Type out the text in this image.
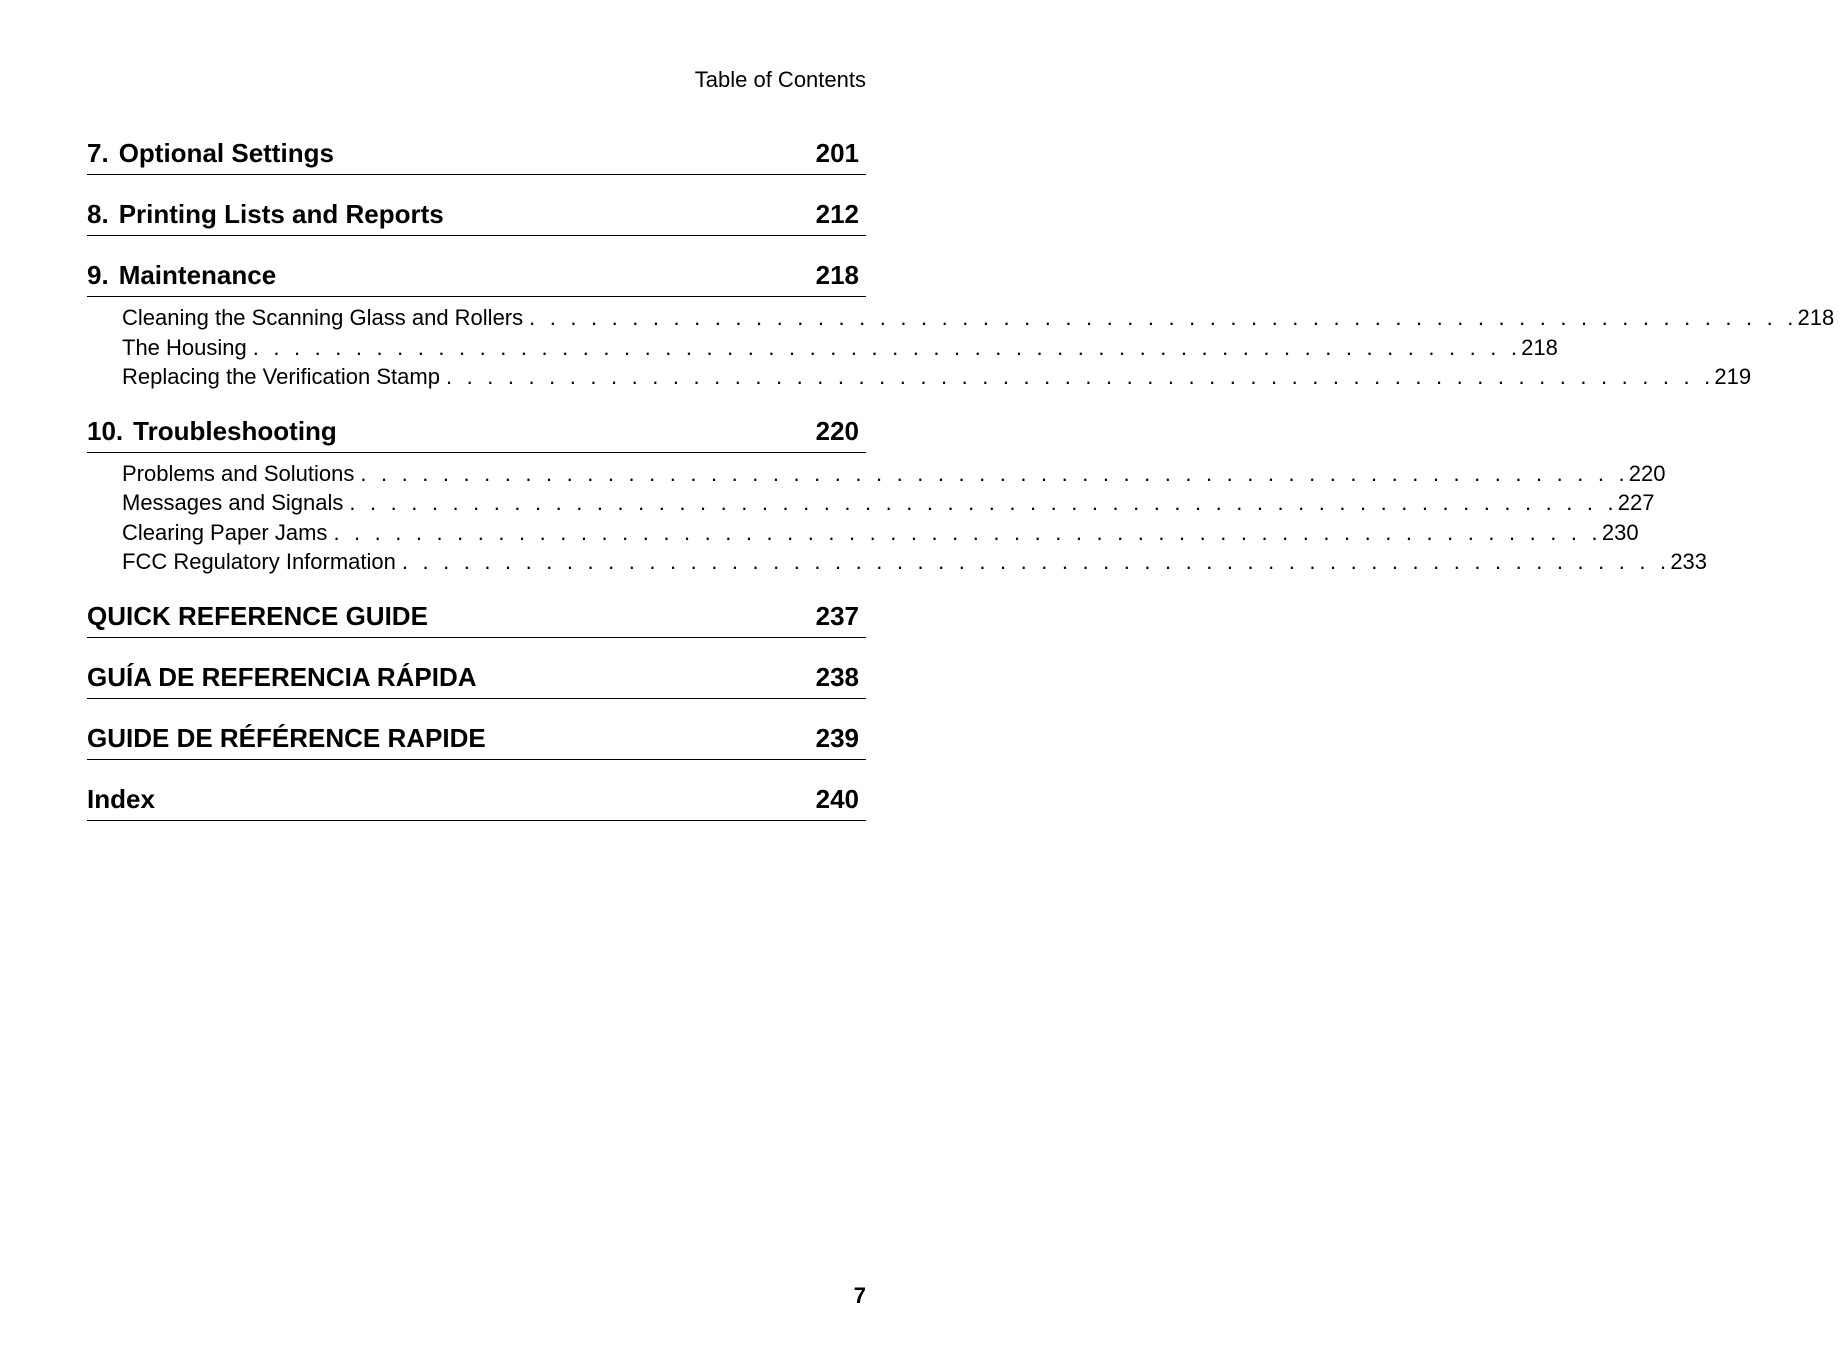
Table of Contents
7. Optional Settings	201
8. Printing Lists and Reports	212
9. Maintenance	218
Cleaning the Scanning Glass and Rollers . . . . . . . . . . . . . . . . . . . . . . . . . . . . . . . . . . . . . . . . . . . . . . . . . . . . . . . . . . . . . . 218
The Housing . . . . . . . . . . . . . . . . . . . . . . . . . . . . . . . . . . . . . . . . . . . . . . . . . . . . . . . . . . . . . . 218
Replacing the Verification Stamp . . . . . . . . . . . . . . . . . . . . . . . . . . . . . . . . . . . . . . . . . . . . . . . . . . . . . . . . . . . . . . 219
10. Troubleshooting	220
Problems and Solutions . . . . . . . . . . . . . . . . . . . . . . . . . . . . . . . . . . . . . . . . . . . . . . . . . . . . . . . . . . . . . . 220
Messages and Signals . . . . . . . . . . . . . . . . . . . . . . . . . . . . . . . . . . . . . . . . . . . . . . . . . . . . . . . . . . . . . . 227
Clearing Paper Jams . . . . . . . . . . . . . . . . . . . . . . . . . . . . . . . . . . . . . . . . . . . . . . . . . . . . . . . . . . . . . . 230
FCC Regulatory Information . . . . . . . . . . . . . . . . . . . . . . . . . . . . . . . . . . . . . . . . . . . . . . . . . . . . . . . . . . . . . . 233
QUICK REFERENCE GUIDE	237
GUÍA DE REFERENCIA RÁPIDA	238
GUIDE DE RÉFÉRENCE RAPIDE	239
Index	240
7
